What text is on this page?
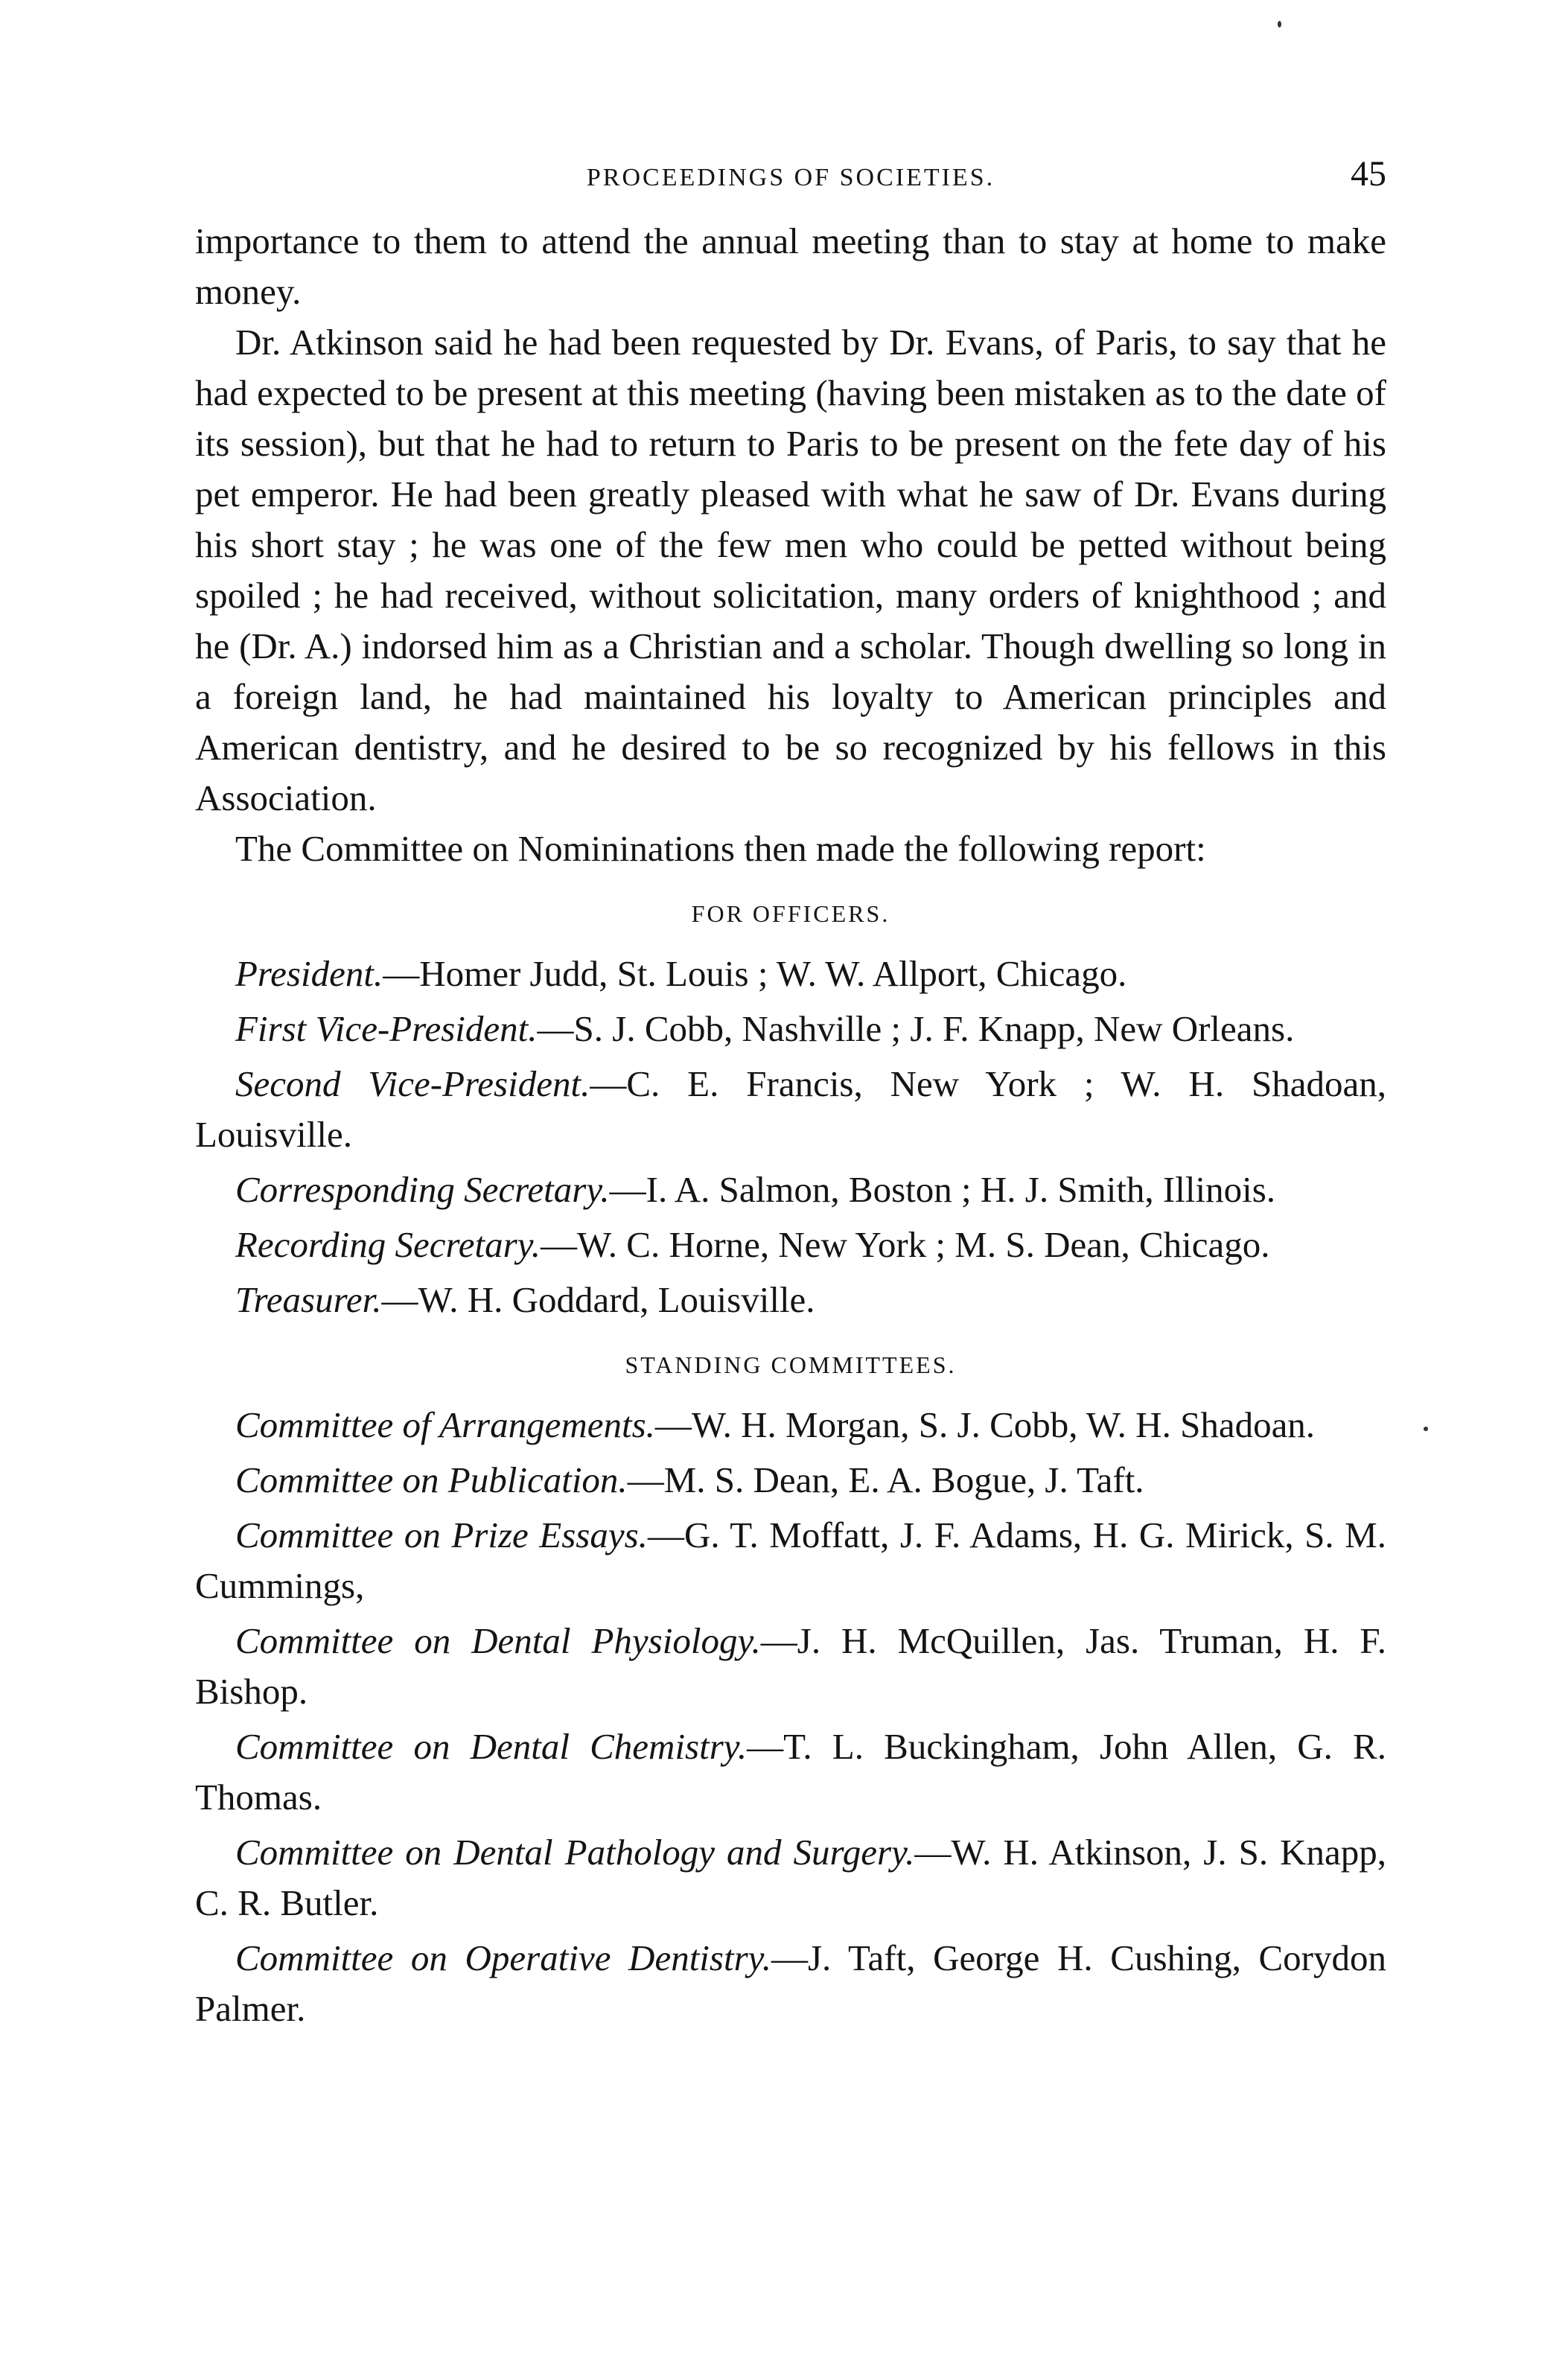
PROCEEDINGS OF SOCIETIES.	45

importance to them to attend the annual meeting than to stay at home to make money.

Dr. Atkinson said he had been requested by Dr. Evans, of Paris, to say that he had expected to be present at this meeting (having been mistaken as to the date of its session), but that he had to return to Paris to be present on the fete day of his pet emperor. He had been greatly pleased with what he saw of Dr. Evans during his short stay ; he was one of the few men who could be petted without being spoiled ; he had received, without solicitation, many orders of knighthood ; and he (Dr. A.) indorsed him as a Christian and a scholar. Though dwelling so long in a foreign land, he had maintained his loyalty to American principles and American dentistry, and he desired to be so recognized by his fellows in this Association.

The Committee on Nomininations then made the following report:

FOR OFFICERS.

President.—Homer Judd, St. Louis ; W. W. Allport, Chicago.

First Vice-President.—S. J. Cobb, Nashville ; J. F. Knapp, New Orleans.

Second Vice-President.—C. E. Francis, New York ; W. H. Shadoan, Louisville.

Corresponding Secretary.—I. A. Salmon, Boston ; H. J. Smith, Illinois.

Recording Secretary.—W. C. Horne, New York ; M. S. Dean, Chicago.

Treasurer.—W. H. Goddard, Louisville.

STANDING COMMITTEES.

Committee of Arrangements.—W. H. Morgan, S. J. Cobb, W. H. Shadoan.

Committee on Publication.—M. S. Dean, E. A. Bogue, J. Taft.

Committee on Prize Essays.—G. T. Moffatt, J. F. Adams, H. G. Mirick, S. M. Cummings,

Committee on Dental Physiology.—J. H. McQuillen, Jas. Truman, H. F. Bishop.

Committee on Dental Chemistry.—T. L. Buckingham, John Allen, G. R. Thomas.

Committee on Dental Pathology and Surgery.—W. H. Atkinson, J. S. Knapp, C. R. Butler.

Committee on Operative Dentistry.—J. Taft, George H. Cushing, Corydon Palmer.
